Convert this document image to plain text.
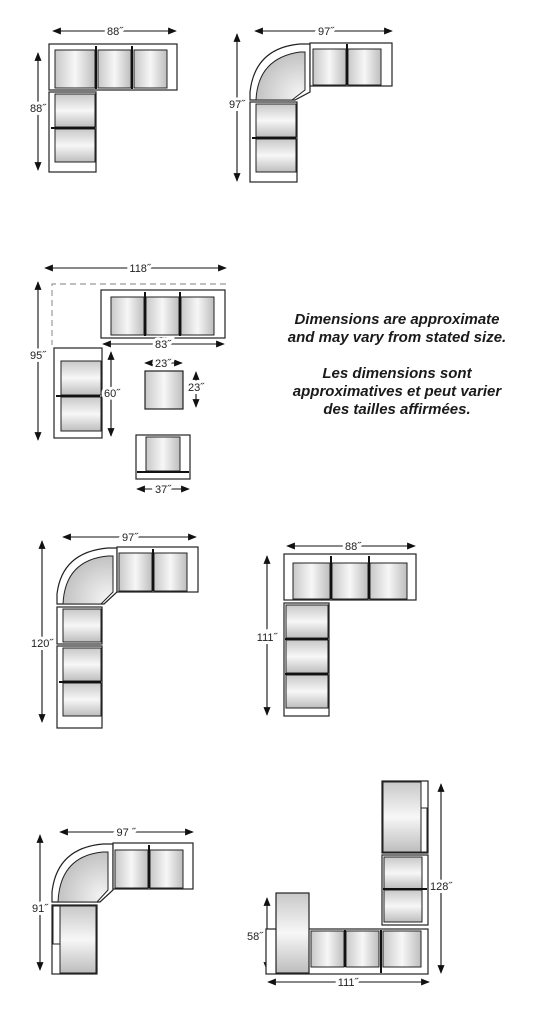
88˝
88˝
97˝
97˝
118˝
95˝
83˝
60˝
23˝
23˝
37˝
97˝
120˝
88˝
111˝
97 ˝
91˝
128˝
58˝
111˝
Dimensions are approximate
and may vary from stated size.
Les dimensions sont
approximatives et peut varier
des tailles affirmées.
